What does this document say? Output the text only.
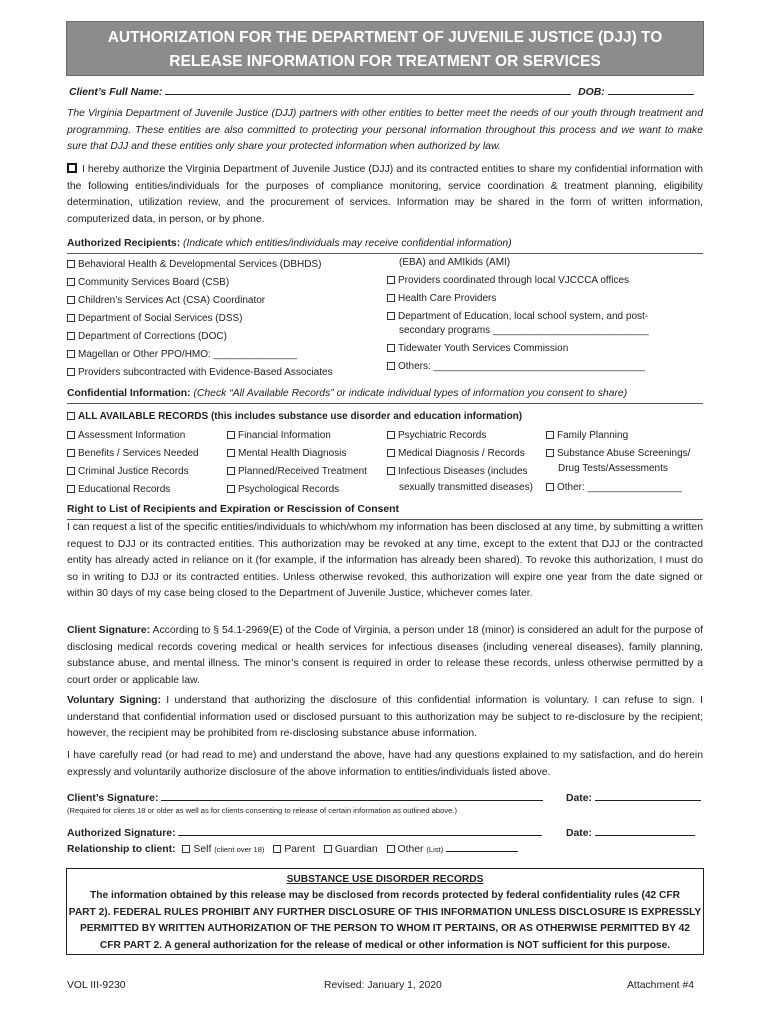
AUTHORIZATION FOR THE DEPARTMENT OF JUVENILE JUSTICE (DJJ) TO
RELEASE INFORMATION FOR TREATMENT OR SERVICES
Client’s Full Name:	DOB:
The Virginia Department of Juvenile Justice (DJJ) partners with other entities to better meet the needs of our youth through treatment and programming. These entities are also committed to protecting your personal information throughout this process and we want to make sure that DJJ and these entities only share your protected information when authorized by law.
I hereby authorize the Virginia Department of Juvenile Justice (DJJ) and its contracted entities to share my confidential information with the following entities/individuals for the purposes of compliance monitoring, service coordination & treatment planning, eligibility determination, utilization review, and the procurement of services. Information may be shared in the form of written information, computerized data, in person, or by phone.
Authorized Recipients: (Indicate which entities/individuals may receive confidential information)
Behavioral Health & Developmental Services (DBHDS)
Community Services Board (CSB)
Children’s Services Act (CSA) Coordinator
Department of Social Services (DSS)
Department of Corrections (DOC)
Magellan or Other PPO/HMO: _______________
Providers subcontracted with Evidence-Based Associates
(EBA) and AMIkids (AMI)
Providers coordinated through local VJCCCA offices
Health Care Providers
Department of Education, local school system, and post-
secondary programs ____________________________
Tidewater Youth Services Commission
Others: ______________________________________
Confidential Information: (Check “All Available Records” or indicate individual types of information you consent to share)
ALL AVAILABLE RECORDS (this includes substance use disorder and education information)
Assessment Information
Benefits / Services Needed
Criminal Justice Records
Educational Records
Financial Information
Mental Health Diagnosis
Planned/Received Treatment
Psychological Records
Psychiatric Records
Medical Diagnosis / Records
Infectious Diseases (includes
sexually transmitted diseases)
Family Planning
Substance Abuse Screenings/
Drug Tests/Assessments
Other: _________________
Right to List of Recipients and Expiration or Rescission of Consent
I can request a list of the specific entities/individuals to which/whom my information has been disclosed at any time, by submitting a written request to DJJ or its contracted entities. This authorization may be revoked at any time, except to the extent that DJJ or the contracted entity has already acted in reliance on it (for example, if the information has already been shared). To revoke this authorization, I must do so in writing to DJJ or its contracted entities. Unless otherwise revoked, this authorization will expire one year from the date signed or within 30 days of my case being closed to the Department of Juvenile Justice, whichever comes later.
Client Signature: According to § 54.1-2969(E) of the Code of Virginia, a person under 18 (minor) is considered an adult for the purpose of disclosing medical records covering medical or health services for infectious diseases (including venereal diseases), family planning, substance abuse, and mental illness. The minor’s consent is required in order to release these records, unless otherwise permitted by a court order or applicable law.
Voluntary Signing: I understand that authorizing the disclosure of this confidential information is voluntary. I can refuse to sign. I understand that confidential information used or disclosed pursuant to this authorization may be subject to re-disclosure by the recipient; however, the recipient may be prohibited from re-disclosing substance abuse information.
I have carefully read (or had read to me) and understand the above, have had any questions explained to my satisfaction, and do herein expressly and voluntarily authorize disclosure of the above information to entities/individuals listed above.
Client’s Signature:	Date:
(Required for clients 18 or older as well as for clients consenting to release of certain information as outlined above.)
Authorized Signature:	Date:
Relationship to client: Self (client over 18) Parent Guardian Other (List)
SUBSTANCE USE DISORDER RECORDS
The information obtained by this release may be disclosed from records protected by federal confidentiality rules (42 CFR
PART 2). FEDERAL RULES PROHIBIT ANY FURTHER DISCLOSURE OF THIS INFORMATION UNLESS DISCLOSURE IS EXPRESSLY
PERMITTED BY WRITTEN AUTHORIZATION OF THE PERSON TO WHOM IT PERTAINS, OR AS OTHERWISE PERMITTED BY 42
CFR PART 2. A general authorization for the release of medical or other information is NOT sufficient for this purpose.
VOL III-9230	Revised: January 1, 2020	Attachment #4
